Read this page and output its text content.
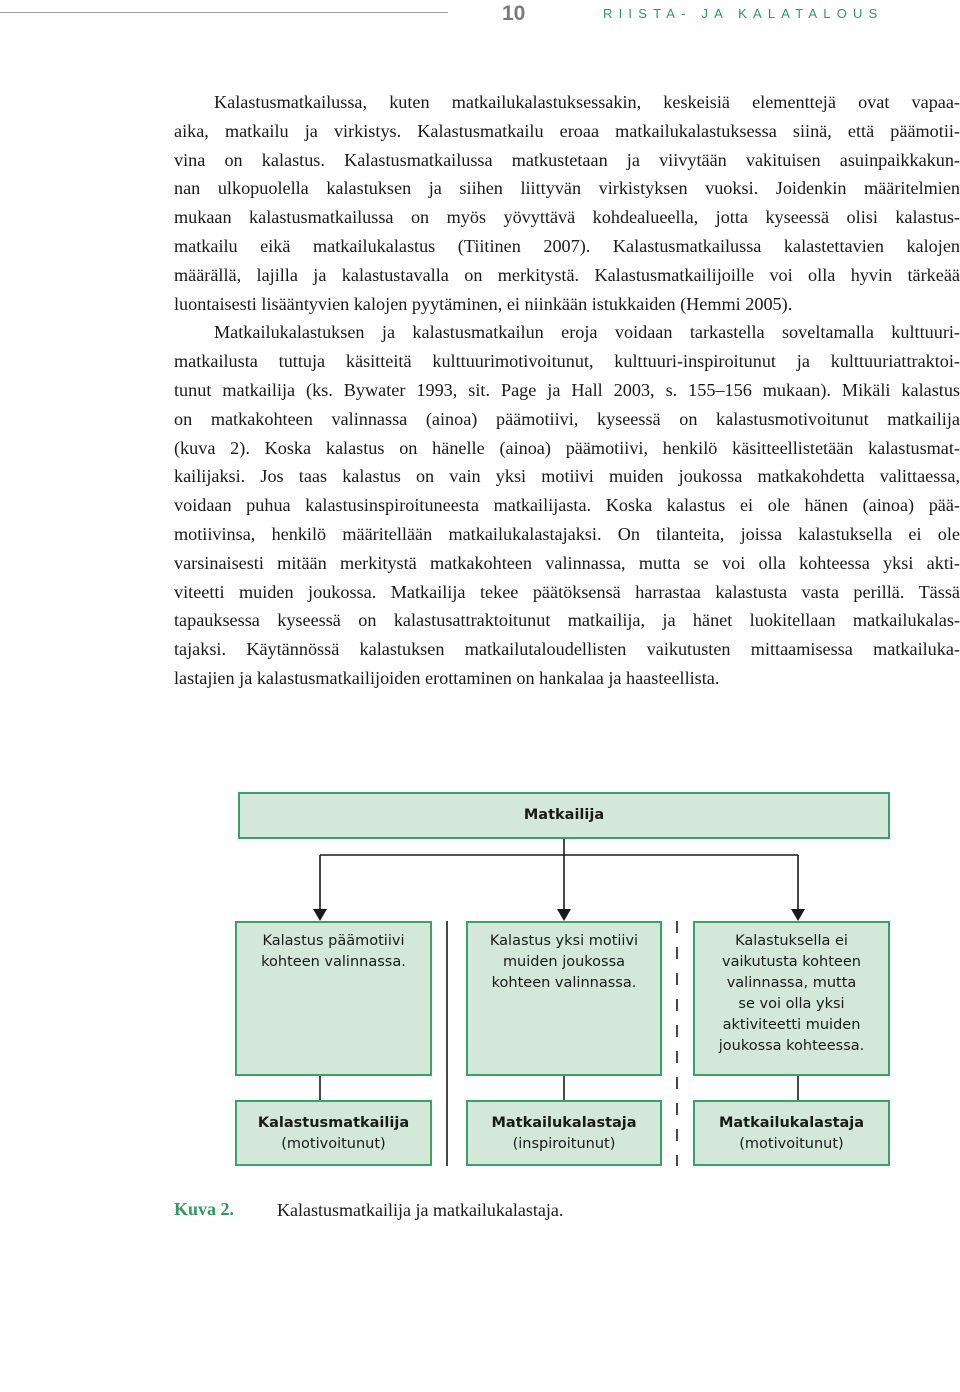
10	RIISTA- JA KALATALOUS
Kalastusmatkailussa, kuten matkailukalastuksessakin, keskeisiä elementtejä ovat vapaa-
aika, matkailu ja virkistys. Kalastusmatkailu eroaa matkailukalastuksessa siinä, että päämotii-
vina on kalastus. Kalastusmatkailussa matkustetaan ja viivytään vakituisen asuinpaikkakun-
nan ulkopuolella kalastuksen ja siihen liittyvän virkistyksen vuoksi. Joidenkin määritelmien
mukaan kalastusmatkailussa on myös yövyttävä kohdealueella, jotta kyseessä olisi kalastus-
matkailu eikä matkailukalastus (Tiitinen 2007). Kalastusmatkailussa kalastettavien kalojen
määrällä, lajilla ja kalastustavalla on merkitystä. Kalastusmatkailijoille voi olla hyvin tärkeää
luontaisesti lisääntyvien kalojen pyytäminen, ei niinkään istukkaiden (Hemmi 2005).
Matkailukalastuksen ja kalastusmatkailun eroja voidaan tarkastella soveltamalla kulttuuri-
matkailusta tuttuja käsitteitä kulttuurimotivoitunut, kulttuuri-inspiroitunut ja kulttuuriattraktoi-
tunut matkailija (ks. Bywater 1993, sit. Page ja Hall 2003, s. 155–156 mukaan). Mikäli kalastus
on matkakohteen valinnassa (ainoa) päämotiivi, kyseessä on kalastusmotivoitunut matkailija
(kuva 2). Koska kalastus on hänelle (ainoa) päämotiivi, henkilö käsitteellistetään kalastusmat-
kailijaksi. Jos taas kalastus on vain yksi motiivi muiden joukossa matkakohdetta valittaessa,
voidaan puhua kalastusinspiroituneesta matkailijasta. Koska kalastus ei ole hänen (ainoa) pää-
motiivinsa, henkilö määritellään matkailukalastajaksi. On tilanteita, joissa kalastuksella ei ole
varsinaisesti mitään merkitystä matkakohteen valinnassa, mutta se voi olla kohteessa yksi akti-
viteetti muiden joukossa. Matkailija tekee päätöksensä harrastaa kalastusta vasta perillä. Tässä
tapauksessa kyseessä on kalastusattraktoitunut matkailija, ja hänet luokitellaan matkailukalas-
tajaksi. Käytännössä kalastuksen matkailutaloudellisten vaikutusten mittaamisessa matkailuka-
lastajien ja kalastusmatkailijoiden erottaminen on hankalaa ja haasteellista.
Matkailija
Kalastus päämotiivi
kohteen valinnassa.
Kalastus yksi motiivi
muiden joukossa
kohteen valinnassa.
Kalastuksella ei
vaikutusta kohteen
valinnassa, mutta
se voi olla yksi
aktiviteetti muiden
joukossa kohteessa.
Kalastusmatkailija
(motivoitunut)
Matkailukalastaja
(inspiroitunut)
Matkailukalastaja
(motivoitunut)
Kuva 2. Kalastusmatkailija ja matkailukalastaja.
